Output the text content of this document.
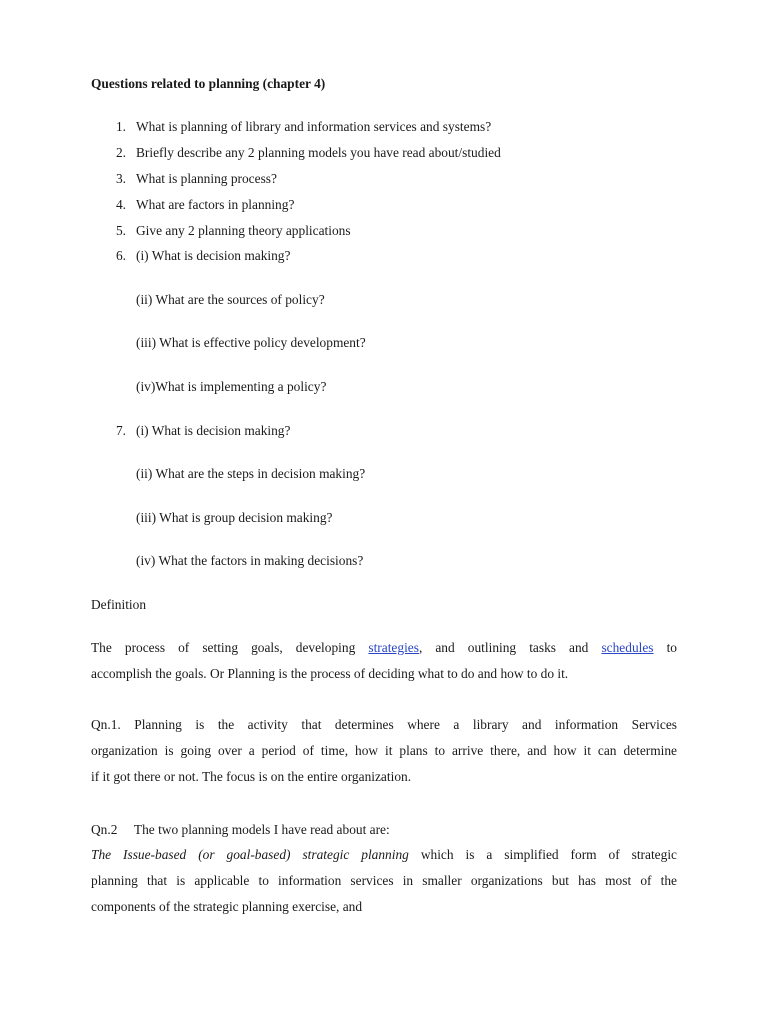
Questions related to planning (chapter 4)
1. What is planning of library and information services and systems?
2. Briefly describe any 2 planning models you have read about/studied
3. What is planning process?
4. What are factors in planning?
5. Give any 2 planning theory applications
6. (i) What is decision making?
(ii) What are the sources of policy?
(iii) What is effective policy development?
(iv)What is implementing a policy?
7. (i) What is decision making?
(ii) What are the steps in decision making?
(iii) What is group decision making?
(iv) What the factors in making decisions?
Definition
The process of setting goals, developing strategies, and outlining tasks and schedules to
accomplish the goals. Or Planning is the process of deciding what to do and how to do it.
Qn.1. Planning is the activity that determines where a library and information Services
organization is going over a period of time, how it plans to arrive there, and how it can determine
if it got there or not. The focus is on the entire organization.
Qn.2     The two planning models I have read about are:
The Issue-based (or goal-based) strategic planning which is a simplified form of strategic
planning that is applicable to information services in smaller organizations but has most of the
components of the strategic planning exercise, and
